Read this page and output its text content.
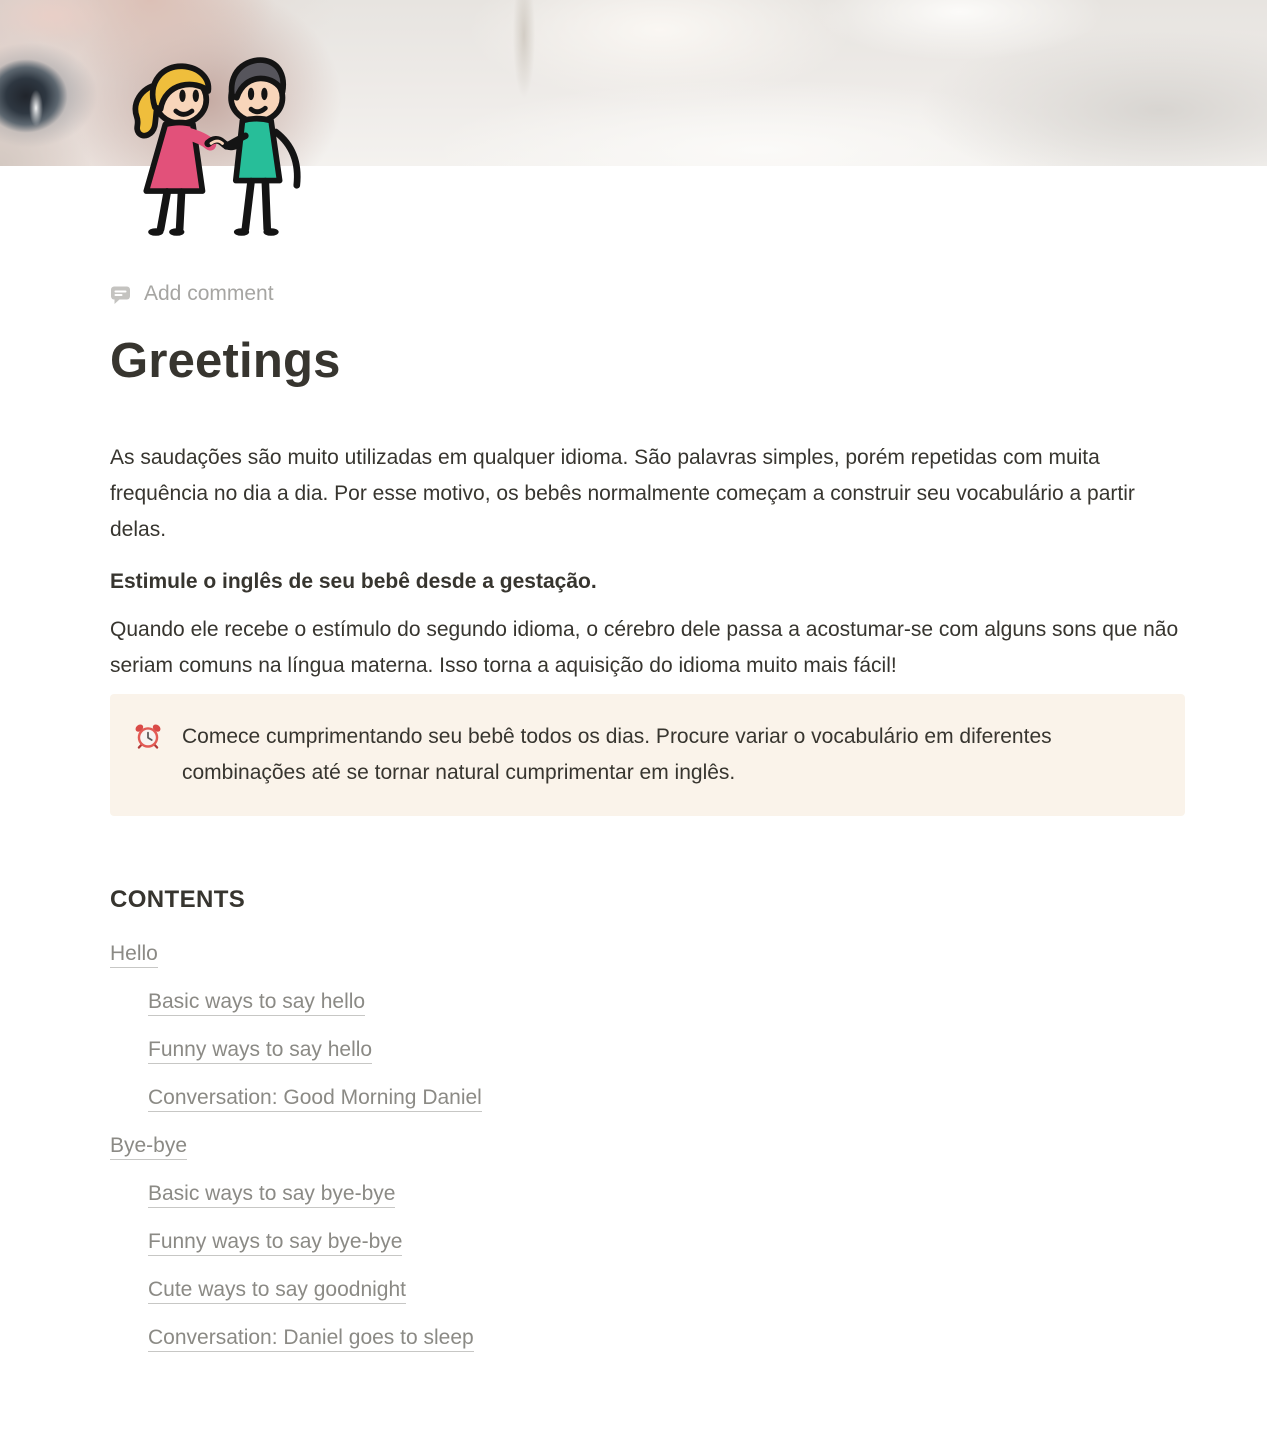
Add comment
Greetings

As saudações são muito utilizadas em qualquer idioma. São palavras simples, porém repetidas com muita frequência no dia a dia. Por esse motivo, os bebês normalmente começam a construir seu vocabulário a partir delas.

Estimule o inglês de seu bebê desde a gestação.

Quando ele recebe o estímulo do segundo idioma, o cérebro dele passa a acostumar-se com alguns sons que não seriam comuns na língua materna. Isso torna a aquisição do idioma muito mais fácil!

Comece cumprimentando seu bebê todos os dias. Procure variar o vocabulário em diferentes combinações até se tornar natural cumprimentar em inglês.
CONTENTS
Hello
Basic ways to say hello
Funny ways to say hello
Conversation: Good Morning Daniel
Bye-bye
Basic ways to say bye-bye
Funny ways to say bye-bye
Cute ways to say goodnight
Conversation: Daniel goes to sleep
